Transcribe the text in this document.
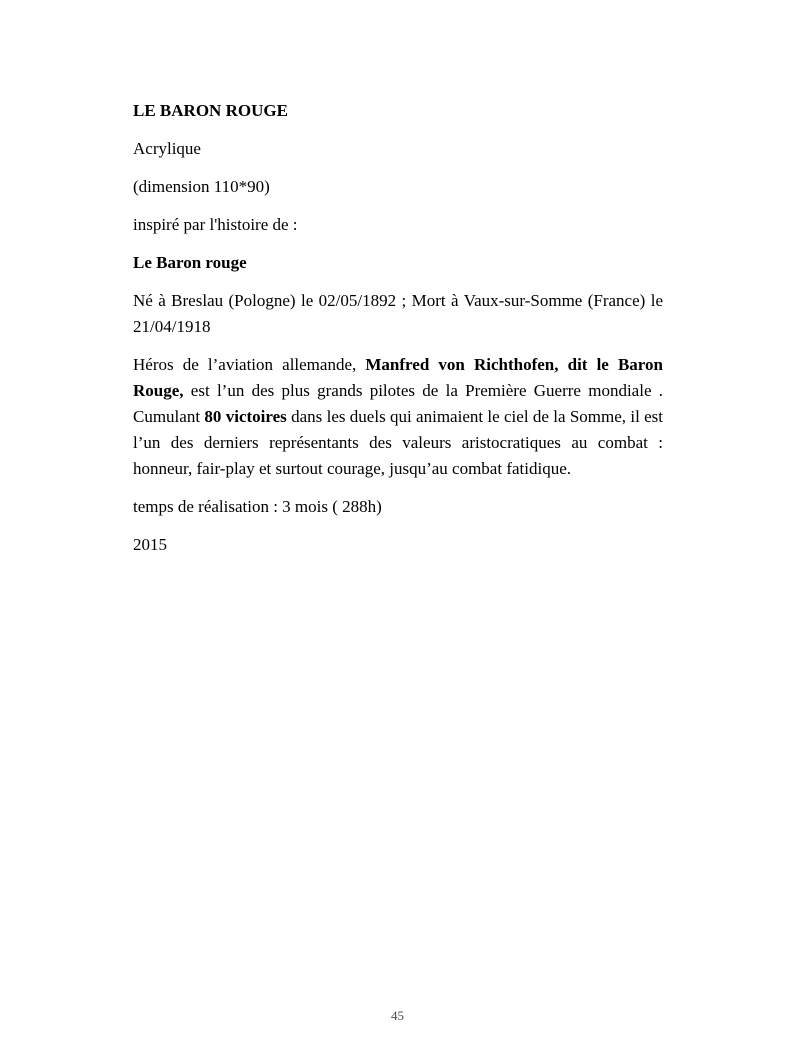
LE BARON ROUGE

Acrylique

(dimension 110*90)

inspiré par l'histoire de :

Le Baron rouge

Né à Breslau (Pologne) le 02/05/1892 ; Mort à Vaux-sur-Somme (France) le 21/04/1918

Héros de l’aviation allemande, Manfred von Richthofen, dit le Baron Rouge, est l’un des plus grands pilotes de la Première Guerre mondiale . Cumulant 80 victoires dans les duels qui animaient le ciel de la Somme, il est l’un des derniers représentants des valeurs aristocratiques au combat : honneur, fair-play et surtout courage, jusqu’au combat fatidique.

temps de réalisation : 3 mois ( 288h)

2015

45
